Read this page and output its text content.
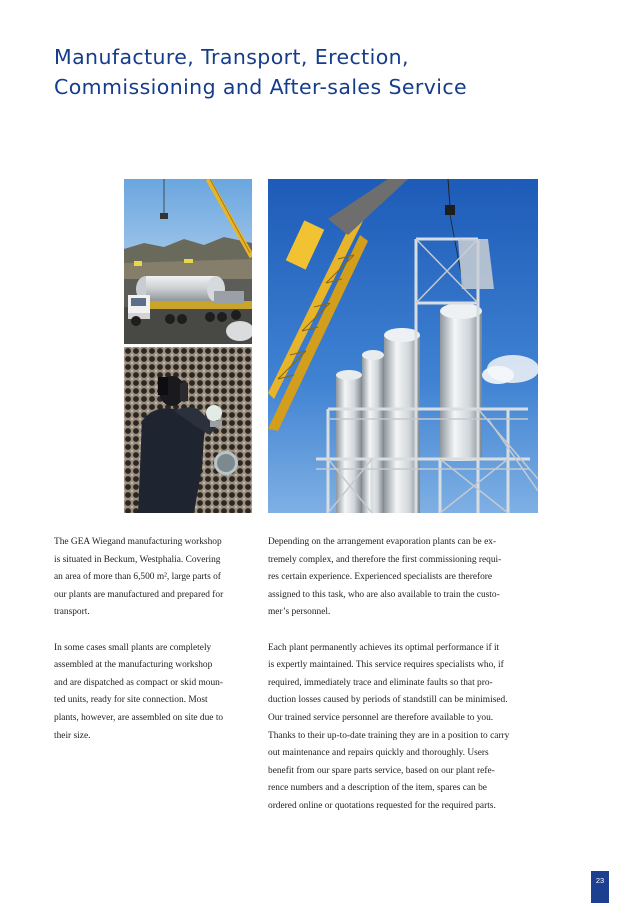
Manufacture, Transport, Erection,
Commissioning and After-sales Service

The GEA Wiegand manufacturing workshop
is situated in Beckum, Westphalia. Covering
an area of more than 6,500 m², large parts of
our plants are manufactured and prepared for
transport.

In some cases small plants are completely
assembled at the manufacturing workshop
and are dispatched as compact or skid moun-
ted units, ready for site connection. Most
plants, however, are assembled on site due to
their size.

Depending on the arrangement evaporation plants can be ex-
tremely complex, and therefore the first commissioning requi-
res certain experience. Experienced specialists are therefore
assigned to this task, who are also available to train the custo-
mer’s personnel.

Each plant permanently achieves its optimal performance if it
is expertly maintained. This service requires specialists who, if
required, immediately trace and eliminate faults so that pro-
duction losses caused by periods of standstill can be minimised.
Our trained service personnel are therefore available to you.
Thanks to their up-to-date training they are in a position to carry
out maintenance and repairs quickly and thoroughly. Users
benefit from our spare parts service, based on our plant refe-
rence numbers and a description of the item, spares can be
ordered online or quotations requested for the required parts.

23
